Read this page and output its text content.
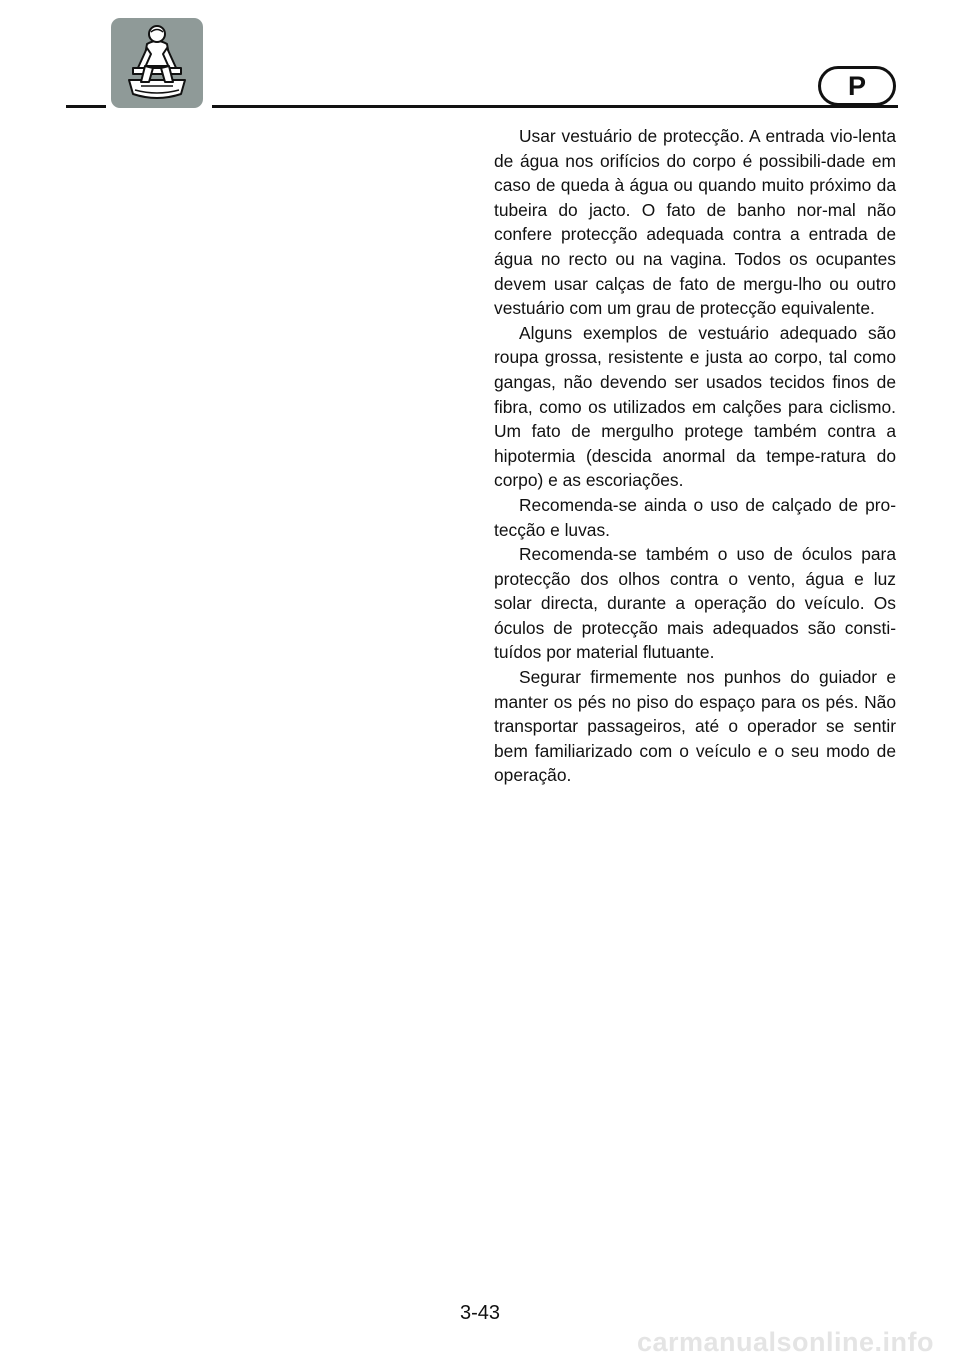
P

Usar vestuário de protecção. A entrada vio-lenta de água nos orifícios do corpo é possibili-dade em caso de queda à água ou quando muito próximo da tubeira do jacto. O fato de banho nor-mal não confere protecção adequada contra a entrada de água no recto ou na vagina. Todos os ocupantes devem usar calças de fato de mergu-lho ou outro vestuário com um grau de protecção equivalente.

Alguns exemplos de vestuário adequado são roupa grossa, resistente e justa ao corpo, tal como gangas, não devendo ser usados tecidos finos de fibra, como os utilizados em calções para ciclismo. Um fato de mergulho protege também contra a hipotermia (descida anormal da tempe-ratura do corpo) e as escoriações.

Recomenda-se ainda o uso de calçado de pro-tecção e luvas.

Recomenda-se também o uso de óculos para protecção dos olhos contra o vento, água e luz solar directa, durante a operação do veículo. Os óculos de protecção mais adequados são consti-tuídos por material flutuante.

Segurar firmemente nos punhos do guiador e manter os pés no piso do espaço para os pés. Não transportar passageiros, até o operador se sentir bem familiarizado com o veículo e o seu modo de operação.

3-43
carmanualsonline.info
